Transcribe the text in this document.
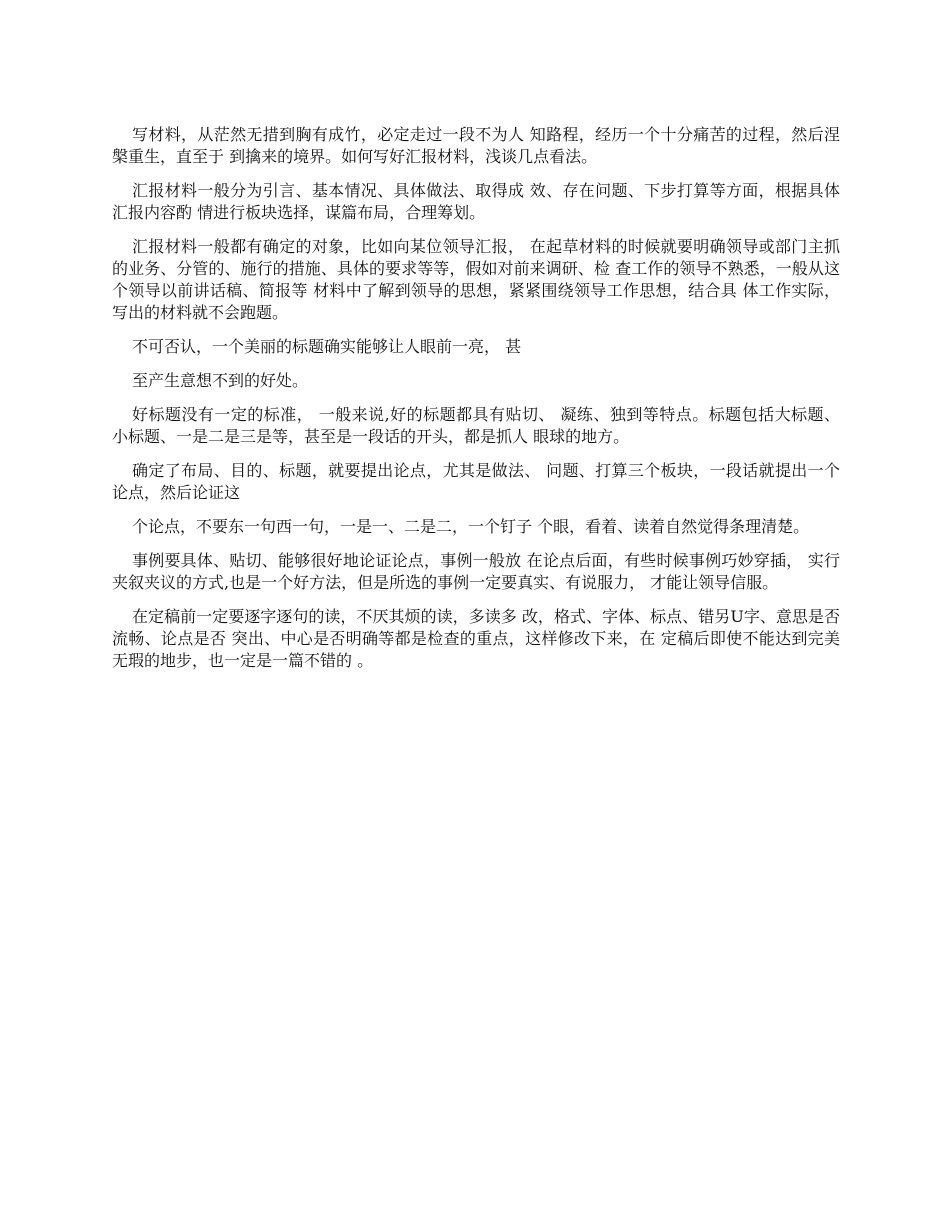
写材料，从茫然无措到胸有成竹，必定走过一段不为人 知路程，经历一个十分痛苦的过程，然后涅槃重生，直至于 到擒来的境界。如何写好汇报材料，浅谈几点看法。

汇报材料一般分为引言、基本情况、具体做法、取得成 效、存在问题、下步打算等方面，根据具体汇报内容酌 情进行板块选择，谋篇布局，合理筹划。

汇报材料一般都有确定的对象，比如向某位领导汇报， 在起草材料的时候就要明确领导或部门主抓的业务、分管的、施行的措施、具体的要求等等，假如对前来调研、检 查工作的领导不熟悉，一般从这个领导以前讲话稿、简报等 材料中了解到领导的思想，紧紧围绕领导工作思想，结合具 体工作实际，写出的材料就不会跑题。

不可否认，一个美丽的标题确实能够让人眼前一亮， 甚

至产生意想不到的好处。

好标题没有一定的标准， 一般来说,好的标题都具有贴切、 凝练、独到等特点。标题包括大标题、 小标题、一是二是三是等，甚至是一段话的开头，都是抓人 眼球的地方。

确定了布局、目的、标题，就要提出论点，尤其是做法、 问题、打算三个板块，一段话就提出一个论点，然后论证这

个论点，不要东一句西一句，一是一、二是二，一个钉子 个眼，看着、读着自然觉得条理清楚。

事例要具体、贴切、能够很好地论证论点，事例一般放 在论点后面，有些时候事例巧妙穿插， 实行夹叙夹议的方式,也是一个好方法，但是所选的事例一定要真实、有说服力， 才能让领导信服。

在定稿前一定要逐字逐句的读，不厌其烦的读，多读多 改，格式、字体、标点、错另U字、意思是否流畅、论点是否 突出、中心是否明确等都是检查的重点，这样修改下来，在 定稿后即使不能达到完美无瑕的地步，也一定是一篇不错的 。
